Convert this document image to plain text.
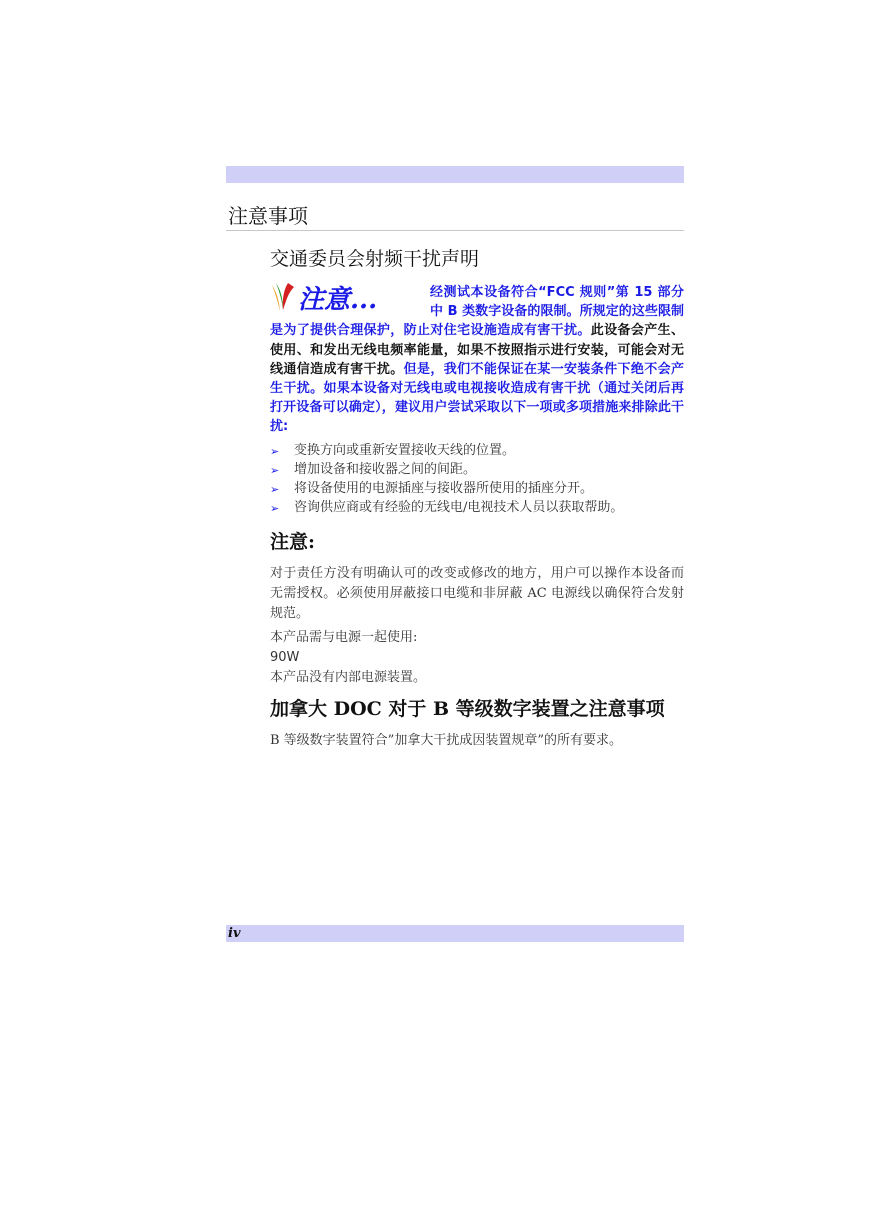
注意事项
交通委员会射频干扰声明
注意...	经测试本设备符合“FCC 规则”第 15 部分中 B 类数字设备的限制。所规定的这些限制是为了提供合理保护，防止对住宅设施造成有害干扰。此设备会产生、使用、和发出无线电频率能量，如果不按照指示进行安装，可能会对无线通信造成有害干扰。但是，我们不能保证在某一安装条件下绝不会产生干扰。如果本设备对无线电或电视接收造成有害干扰（通过关闭后再打开设备可以确定），建议用户尝试采取以下一项或多项措施来排除此干扰:
➢ 变换方向或重新安置接收天线的位置。
➢ 增加设备和接收器之间的间距。
➢ 将设备使用的电源插座与接收器所使用的插座分开。
➢ 咨询供应商或有经验的无线电/电视技术人员以获取帮助。
注意:

对于责任方没有明确认可的改变或修改的地方，用户可以操作本设备而无需授权。必须使用屏蔽接口电缆和非屏蔽 AC 电源线以确保符合发射规范。

本产品需与电源一起使用:

90W

本产品没有内部电源装置。

加拿大 DOC 对于 B 等级数字装置之注意事项

B 等级数字装置符合”加拿大干扰成因装置规章”的所有要求。

iv
